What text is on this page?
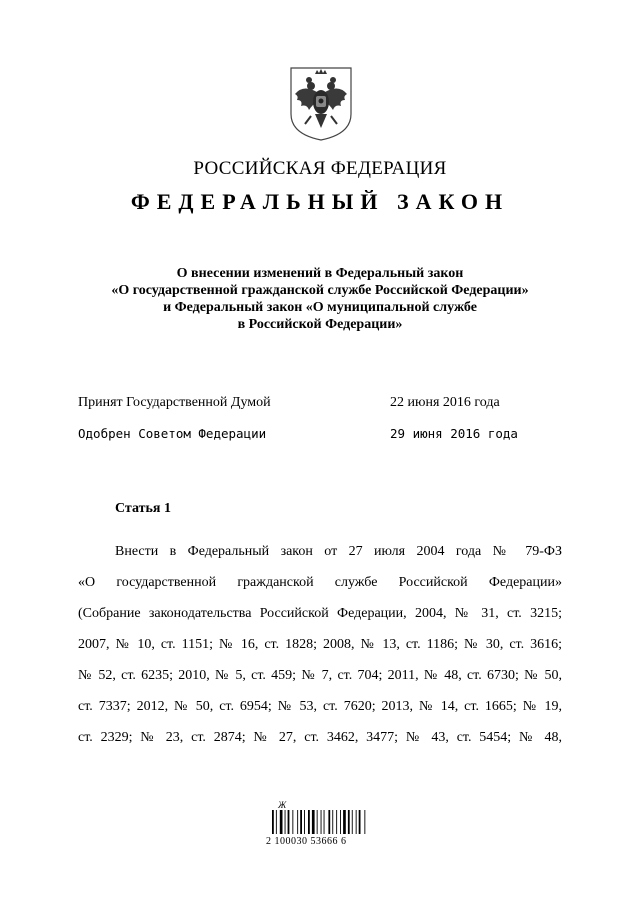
РОССИЙСКАЯ ФЕДЕРАЦИЯ
ФЕДЕРАЛЬНЫЙ ЗАКОН
О внесении изменений в Федеральный закон
«О государственной гражданской службе Российской Федерации»
и Федеральный закон «О муниципальной службе
в Российской Федерации»
Принят Государственной Думой	22 июня 2016 года
Одобрен Советом Федерации	29 июня 2016 года
Статья 1
Внести в Федеральный закон от 27 июля 2004 года № 79-ФЗ
«О государственной гражданской службе Российской Федерации»
(Собрание законодательства Российской Федерации, 2004, № 31, ст. 3215;
2007, № 10, ст. 1151; № 16, ст. 1828; 2008, № 13, ст. 1186; № 30, ст. 3616;
№ 52, ст. 6235; 2010, № 5, ст. 459; № 7, ст. 704; 2011, № 48, ст. 6730; № 50,
ст. 7337; 2012, № 50, ст. 6954; № 53, ст. 7620; 2013, № 14, ст. 1665; № 19,
ст. 2329; № 23, ст. 2874; № 27, ст. 3462, 3477; № 43, ст. 5454; № 48,
Ж
2 100030 53666 6
